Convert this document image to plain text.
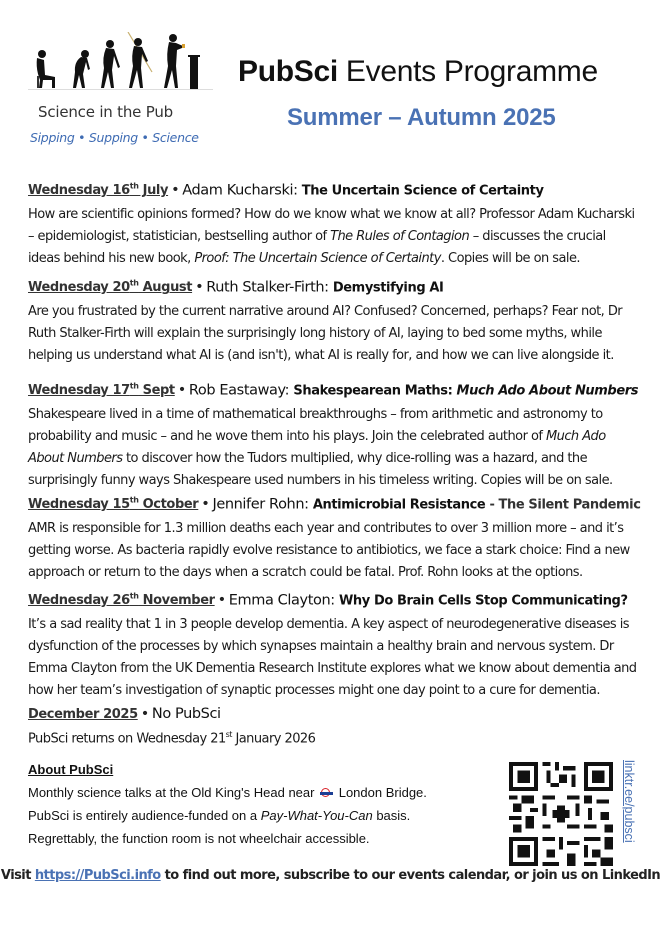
Science in the Pub
Sipping • Supping • Science
PubSci Events Programme
Summer – Autumn 2025
Wednesday 16th July • Adam Kucharski: The Uncertain Science of Certainty
How are scientific opinions formed? How do we know what we know at all? Professor Adam Kucharski – epidemiologist, statistician, bestselling author of The Rules of Contagion – discusses the crucial ideas behind his new book, Proof: The Uncertain Science of Certainty. Copies will be on sale.
Wednesday 20th August • Ruth Stalker-Firth: Demystifying AI
Are you frustrated by the current narrative around AI? Confused? Concerned, perhaps? Fear not, Dr Ruth Stalker-Firth will explain the surprisingly long history of AI, laying to bed some myths, while helping us understand what AI is (and isn't), what AI is really for, and how we can live alongside it.
Wednesday 17th Sept • Rob Eastaway: Shakespearean Maths: Much Ado About Numbers
Shakespeare lived in a time of mathematical breakthroughs – from arithmetic and astronomy to probability and music – and he wove them into his plays. Join the celebrated author of Much Ado About Numbers to discover how the Tudors multiplied, why dice-rolling was a hazard, and the surprisingly funny ways Shakespeare used numbers in his timeless writing. Copies will be on sale.
Wednesday 15th October • Jennifer Rohn: Antimicrobial Resistance - The Silent Pandemic
AMR is responsible for 1.3 million deaths each year and contributes to over 3 million more – and it’s getting worse. As bacteria rapidly evolve resistance to antibiotics, we face a stark choice: Find a new approach or return to the days when a scratch could be fatal. Prof. Rohn looks at the options.
Wednesday 26th November • Emma Clayton: Why Do Brain Cells Stop Communicating?
It’s a sad reality that 1 in 3 people develop dementia. A key aspect of neurodegenerative diseases is dysfunction of the processes by which synapses maintain a healthy brain and nervous system. Dr Emma Clayton from the UK Dementia Research Institute explores what we know about dementia and how her team’s investigation of synaptic processes might one day point to a cure for dementia.
December 2025 • No PubSci
PubSci returns on Wednesday 21st January 2026
About PubSci
Monthly science talks at the Old King's Head near London Bridge.
PubSci is entirely audience-funded on a Pay-What-You-Can basis.
Regrettably, the function room is not wheelchair accessible.	linktr.ee/pubsci
Visit https://PubSci.info to find out more, subscribe to our events calendar, or join us on LinkedIn
